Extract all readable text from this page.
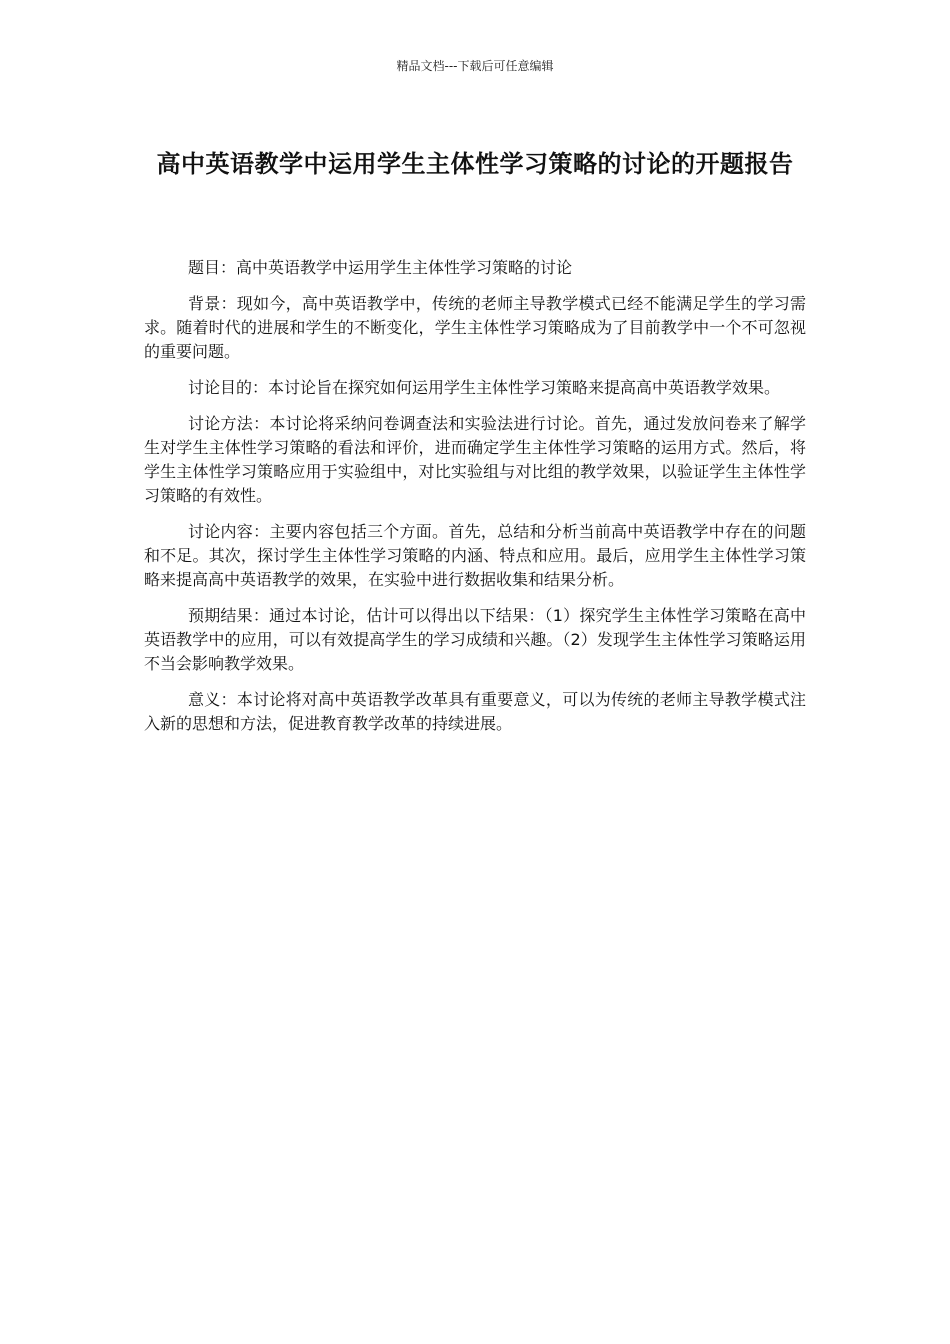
精品文档---下载后可任意编辑
高中英语教学中运用学生主体性学习策略的讨论的开题报告

题目：高中英语教学中运用学生主体性学习策略的讨论

背景：现如今，高中英语教学中，传统的老师主导教学模式已经不能满足学生的学习需求。随着时代的进展和学生的不断变化，学生主体性学习策略成为了目前教学中一个不可忽视的重要问题。

讨论目的：本讨论旨在探究如何运用学生主体性学习策略来提高高中英语教学效果。

讨论方法：本讨论将采纳问卷调查法和实验法进行讨论。首先，通过发放问卷来了解学生对学生主体性学习策略的看法和评价，进而确定学生主体性学习策略的运用方式。然后，将学生主体性学习策略应用于实验组中，对比实验组与对比组的教学效果，以验证学生主体性学习策略的有效性。

讨论内容：主要内容包括三个方面。首先，总结和分析当前高中英语教学中存在的问题和不足。其次，探讨学生主体性学习策略的内涵、特点和应用。最后，应用学生主体性学习策略来提高高中英语教学的效果，在实验中进行数据收集和结果分析。

预期结果：通过本讨论，估计可以得出以下结果：（1）探究学生主体性学习策略在高中英语教学中的应用，可以有效提高学生的学习成绩和兴趣。（2）发现学生主体性学习策略运用不当会影响教学效果。

意义：本讨论将对高中英语教学改革具有重要意义，可以为传统的老师主导教学模式注入新的思想和方法，促进教育教学改革的持续进展。
